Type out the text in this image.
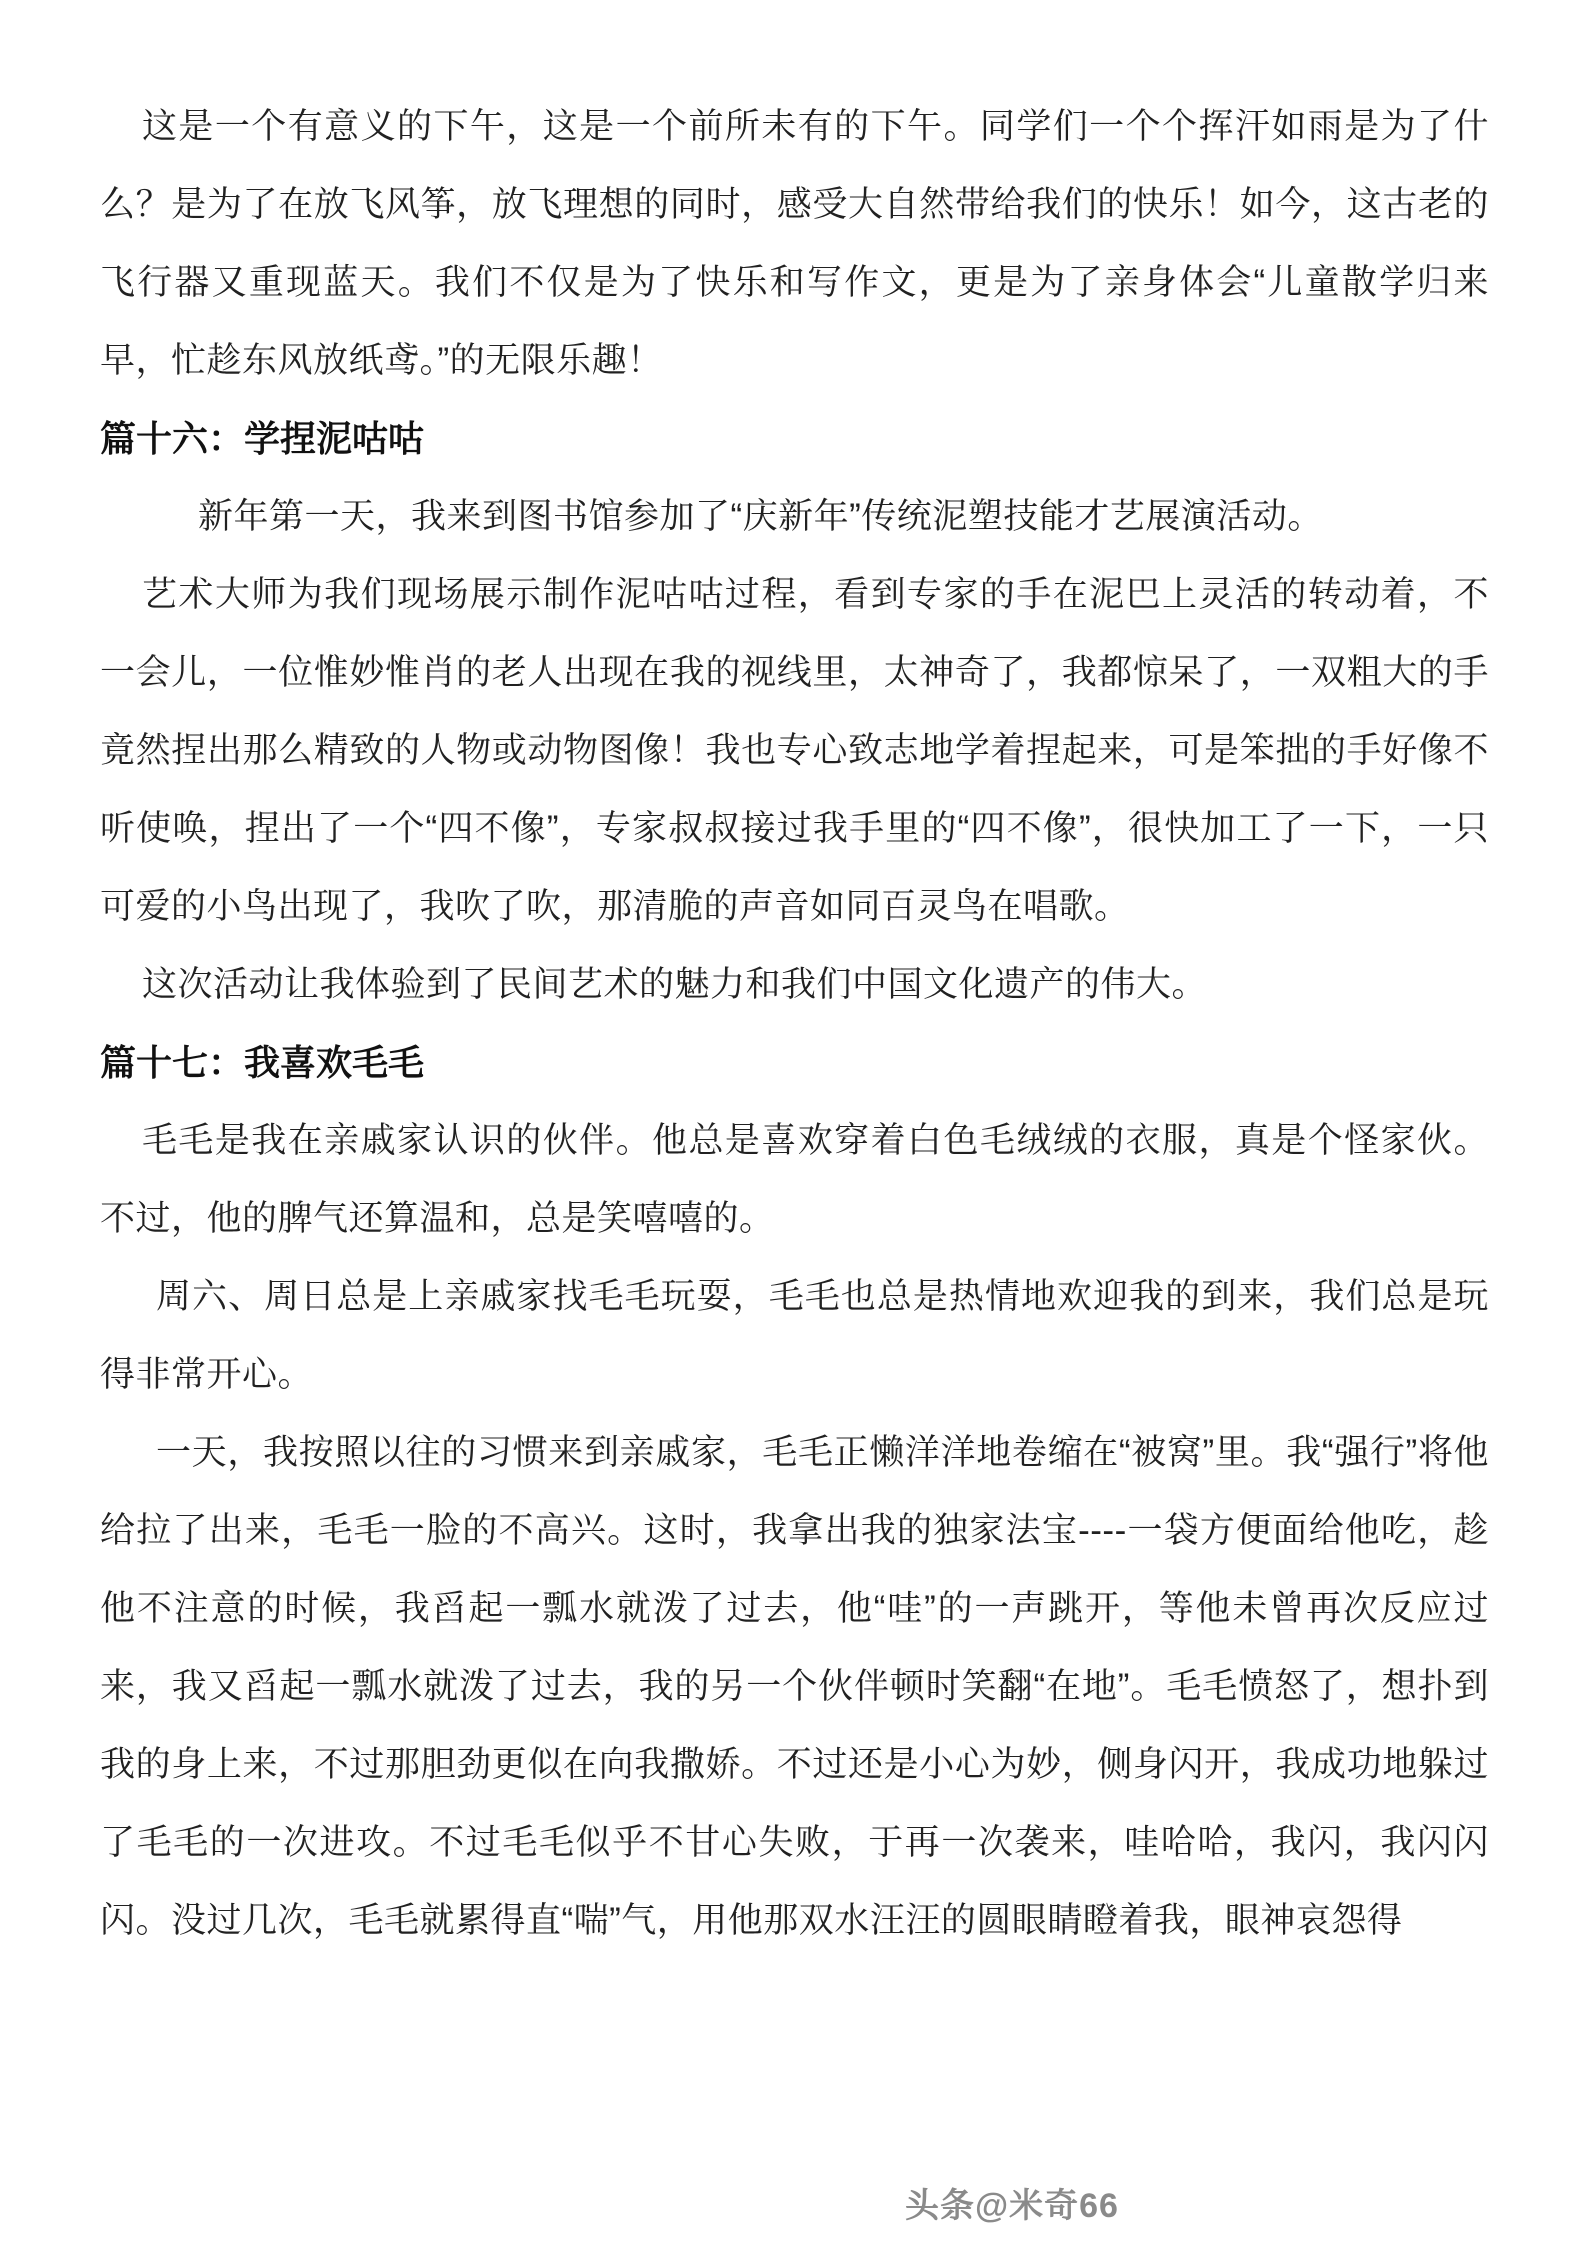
这是一个有意义的下午，这是一个前所未有的下午。同学们一个个挥汗如雨是为了什么？是为了在放飞风筝，放飞理想的同时，感受大自然带给我们的快乐！如今，这古老的飞行器又重现蓝天。我们不仅是为了快乐和写作文，更是为了亲身体会“儿童散学归来早，忙趁东风放纸鸢。”的无限乐趣！

篇十六：学捏泥咕咕

新年第一天，我来到图书馆参加了“庆新年”传统泥塑技能才艺展演活动。

艺术大师为我们现场展示制作泥咕咕过程，看到专家的手在泥巴上灵活的转动着，不一会儿，一位惟妙惟肖的老人出现在我的视线里，太神奇了，我都惊呆了，一双粗大的手竟然捏出那么精致的人物或动物图像！我也专心致志地学着捏起来，可是笨拙的手好像不听使唤，捏出了一个“四不像”，专家叔叔接过我手里的“四不像”，很快加工了一下，一只可爱的小鸟出现了，我吹了吹，那清脆的声音如同百灵鸟在唱歌。

这次活动让我体验到了民间艺术的魅力和我们中国文化遗产的伟大。

篇十七：我喜欢毛毛

毛毛是我在亲戚家认识的伙伴。他总是喜欢穿着白色毛绒绒的衣服，真是个怪家伙。不过，他的脾气还算温和，总是笑嘻嘻的。

周六、周日总是上亲戚家找毛毛玩耍，毛毛也总是热情地欢迎我的到来，我们总是玩得非常开心。

一天，我按照以往的习惯来到亲戚家，毛毛正懒洋洋地卷缩在“被窝”里。我“强行”将他给拉了出来，毛毛一脸的不高兴。这时，我拿出我的独家法宝----一袋方便面给他吃，趁他不注意的时候，我舀起一瓢水就泼了过去，他“哇”的一声跳开，等他未曾再次反应过来，我又舀起一瓢水就泼了过去，我的另一个伙伴顿时笑翻“在地”。毛毛愤怒了，想扑到我的身上来，不过那胆劲更似在向我撒娇。不过还是小心为妙，侧身闪开，我成功地躲过了毛毛的一次进攻。不过毛毛似乎不甘心失败，于再一次袭来，哇哈哈，我闪，我闪闪闪。没过几次，毛毛就累得直“喘”气，用他那双水汪汪的圆眼睛瞪着我，眼神哀怨得

头条@米奇66
